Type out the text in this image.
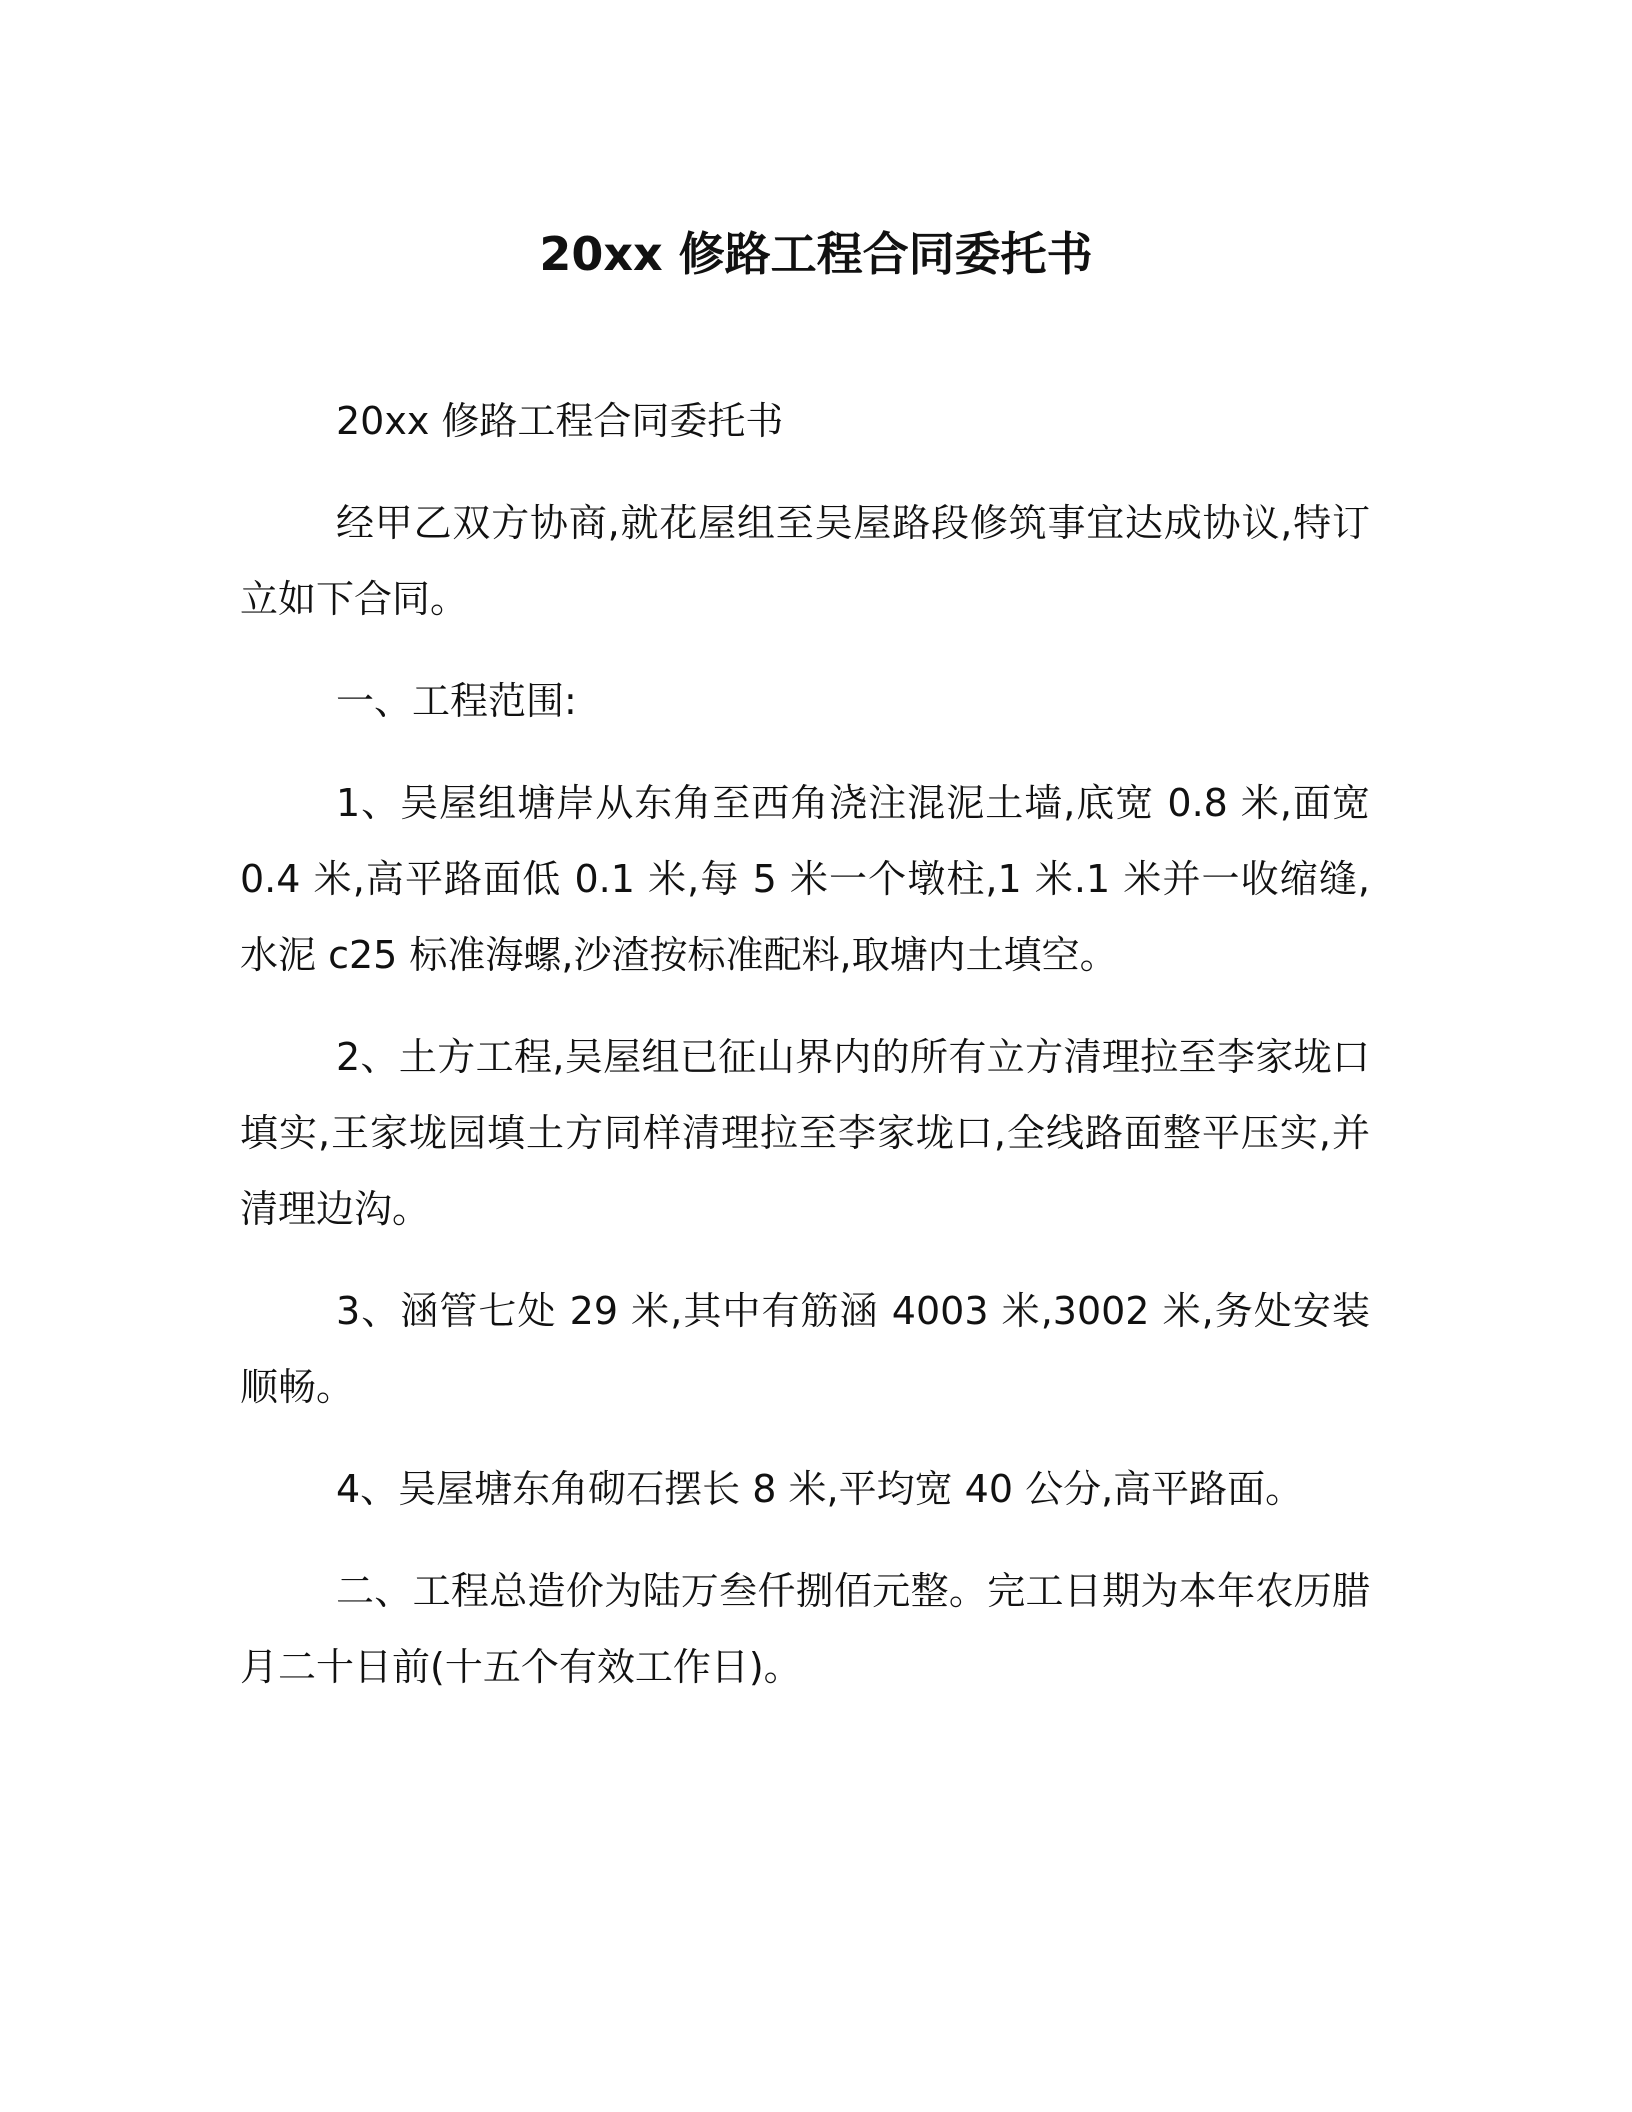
20xx 修路工程合同委托书

20xx 修路工程合同委托书

经甲乙双方协商,就花屋组至吴屋路段修筑事宜达成协议,特订立如下合同。

一、工程范围:

1、吴屋组塘岸从东角至西角浇注混泥土墙,底宽 0.8 米,面宽 0.4 米,高平路面低 0.1 米,每 5 米一个墩柱,1 米.1 米并一收缩缝,水泥 c25 标准海螺,沙渣按标准配料,取塘内土填空。

2、土方工程,吴屋组已征山界内的所有立方清理拉至李家垅口填实,王家垅园填土方同样清理拉至李家垅口,全线路面整平压实,并清理边沟。

3、涵管七处 29 米,其中有筋涵 4003 米,3002 米,务处安装顺畅。

4、吴屋塘东角砌石摆长 8 米,平均宽 40 公分,高平路面。

二、工程总造价为陆万叁仟捌佰元整。完工日期为本年农历腊月二十日前(十五个有效工作日)。
